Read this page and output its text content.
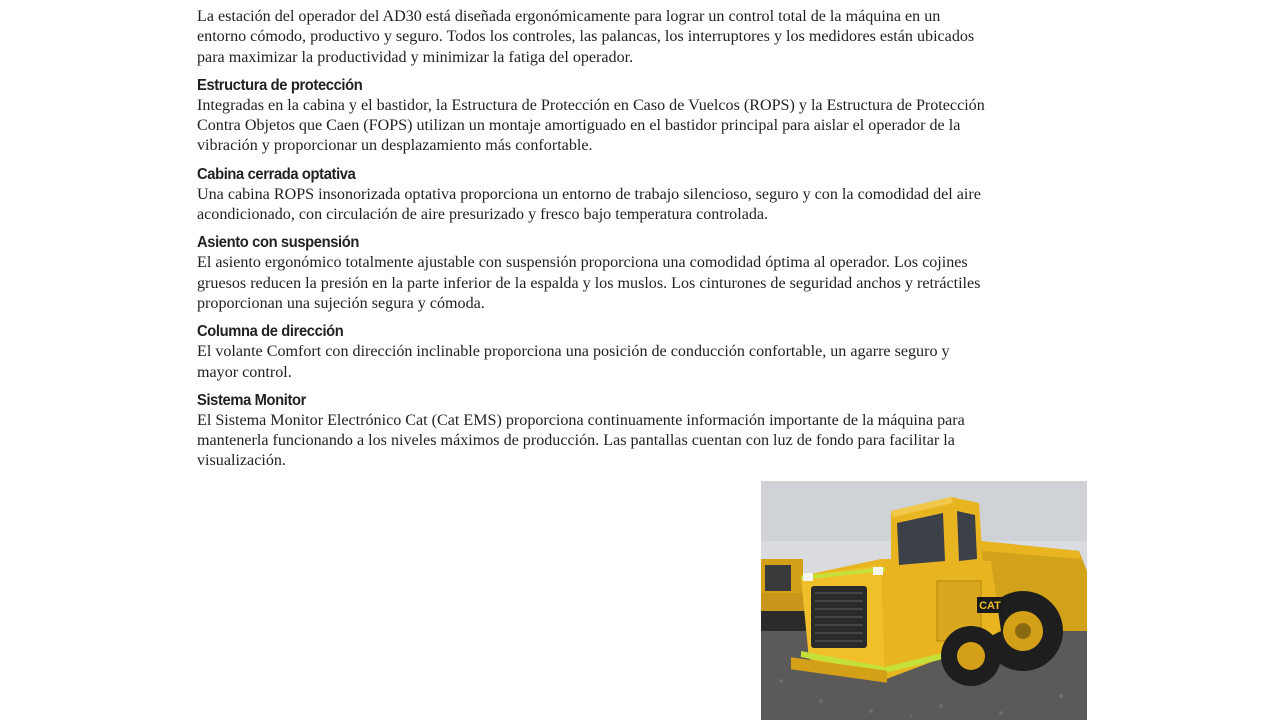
La estación del operador del AD30 está diseñada ergonómicamente para lograr un control total de la máquina en un entorno cómodo, productivo y seguro. Todos los controles, las palancas, los interruptores y los medidores están ubicados para maximizar la productividad y minimizar la fatiga del operador.

Estructura de protección

Integradas en la cabina y el bastidor, la Estructura de Protección en Caso de Vuelcos (ROPS) y la Estructura de Protección Contra Objetos que Caen (FOPS) utilizan un montaje amortiguado en el bastidor principal para aislar el operador de la vibración y proporcionar un desplazamiento más confortable.

Cabina cerrada optativa

Una cabina ROPS insonorizada optativa proporciona un entorno de trabajo silencioso, seguro y con la comodidad del aire acondicionado, con circulación de aire presurizado y fresco bajo temperatura controlada.

Asiento con suspensión

El asiento ergonómico totalmente ajustable con suspensión proporciona una comodidad óptima al operador. Los cojines gruesos reducen la presión en la parte inferior de la espalda y los muslos. Los cinturones de seguridad anchos y retráctiles proporcionan una sujeción segura y cómoda.

Columna de dirección

El volante Comfort con dirección inclinable proporciona una posición de conducción confortable, un agarre seguro y mayor control.

Sistema Monitor

El Sistema Monitor Electrónico Cat (Cat EMS) proporciona continuamente información importante de la máquina para mantenerla funcionando a los niveles máximos de producción. Las pantallas cuentan con luz de fondo para facilitar la visualización.

CAT
